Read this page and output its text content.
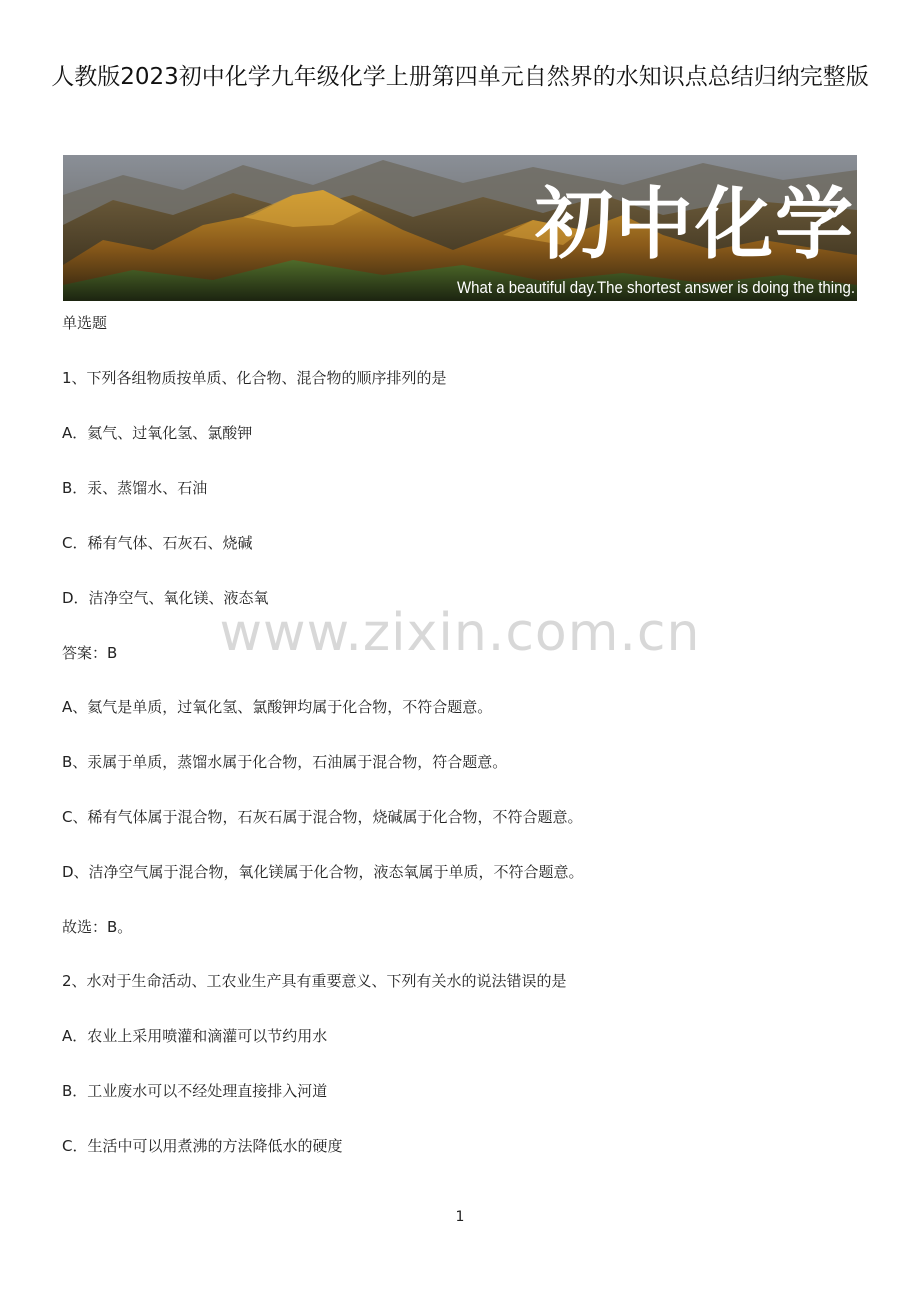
人教版2023初中化学九年级化学上册第四单元自然界的水知识点总结归纳完整版
初中化学
What a beautiful day.The shortest answer is doing the thing.
单选题
1、下列各组物质按单质、化合物、混合物的顺序排列的是
A．氦气、过氧化氢、氯酸钾
B．汞、蒸馏水、石油
C．稀有气体、石灰石、烧碱
D．洁净空气、氧化镁、液态氧
答案：B
A、氦气是单质，过氧化氢、氯酸钾均属于化合物，不符合题意。
B、汞属于单质，蒸馏水属于化合物，石油属于混合物，符合题意。
C、稀有气体属于混合物，石灰石属于混合物，烧碱属于化合物，不符合题意。
D、洁净空气属于混合物，氧化镁属于化合物，液态氧属于单质，不符合题意。
故选：B。
2、水对于生命活动、工农业生产具有重要意义、下列有关水的说法错误的是
A．农业上采用喷灌和滴灌可以节约用水
B．工业废水可以不经处理直接排入河道
C．生活中可以用煮沸的方法降低水的硬度
www.zixin.com.cn
1
